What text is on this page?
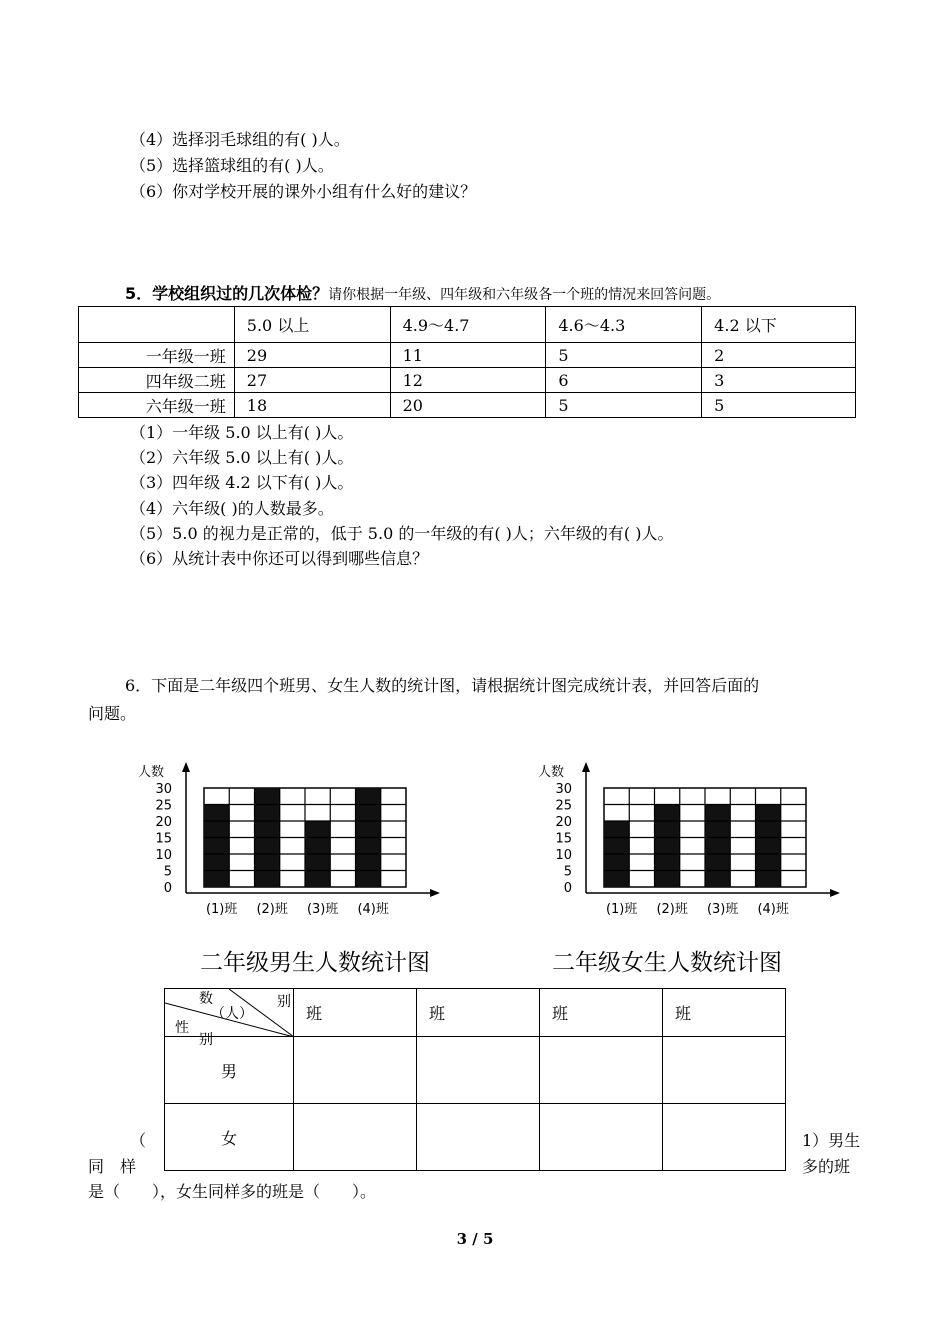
（4）选择羽毛球组的有( )人。
（5）选择篮球组的有( )人。
（6）你对学校开展的课外小组有什么好的建议？
5．学校组织过的几次体检？请你根据一年级、四年级和六年级各一个班的情况来回答问题。
	5.0 以上	4.9～4.7	4.6～4.3	4.2 以下
一年级一班	29	11	5	2
四年级二班	27	12	6	3
六年级一班	18	20	5	5
（1）一年级 5.0 以上有( )人。
（2）六年级 5.0 以上有( )人。
（3）四年级 4.2 以下有( )人。
（4）六年级( )的人数最多。
（5）5.0 的视力是正常的，低于 5.0 的一年级的有( )人；六年级的有( )人。
（6）从统计表中你还可以得到哪些信息？
6．下面是二年级四个班男、女生人数的统计图，请根据统计图完成统计表，并回答后面的
问题。
人数
30
25
20
15
10
5
0
(1)班 (2)班 (3)班 (4)班
人数
30
25
20
15
10
5
0
(1)班 (2)班 (3)班 (4)班
二年级男生人数统计图	二年级女生人数统计图
数
（人）
别
性
别	班	班	班	班
男				
女				
（	1）男生
同　样	多的班
是（　　），女生同样多的班是（　　）。
3 / 5
